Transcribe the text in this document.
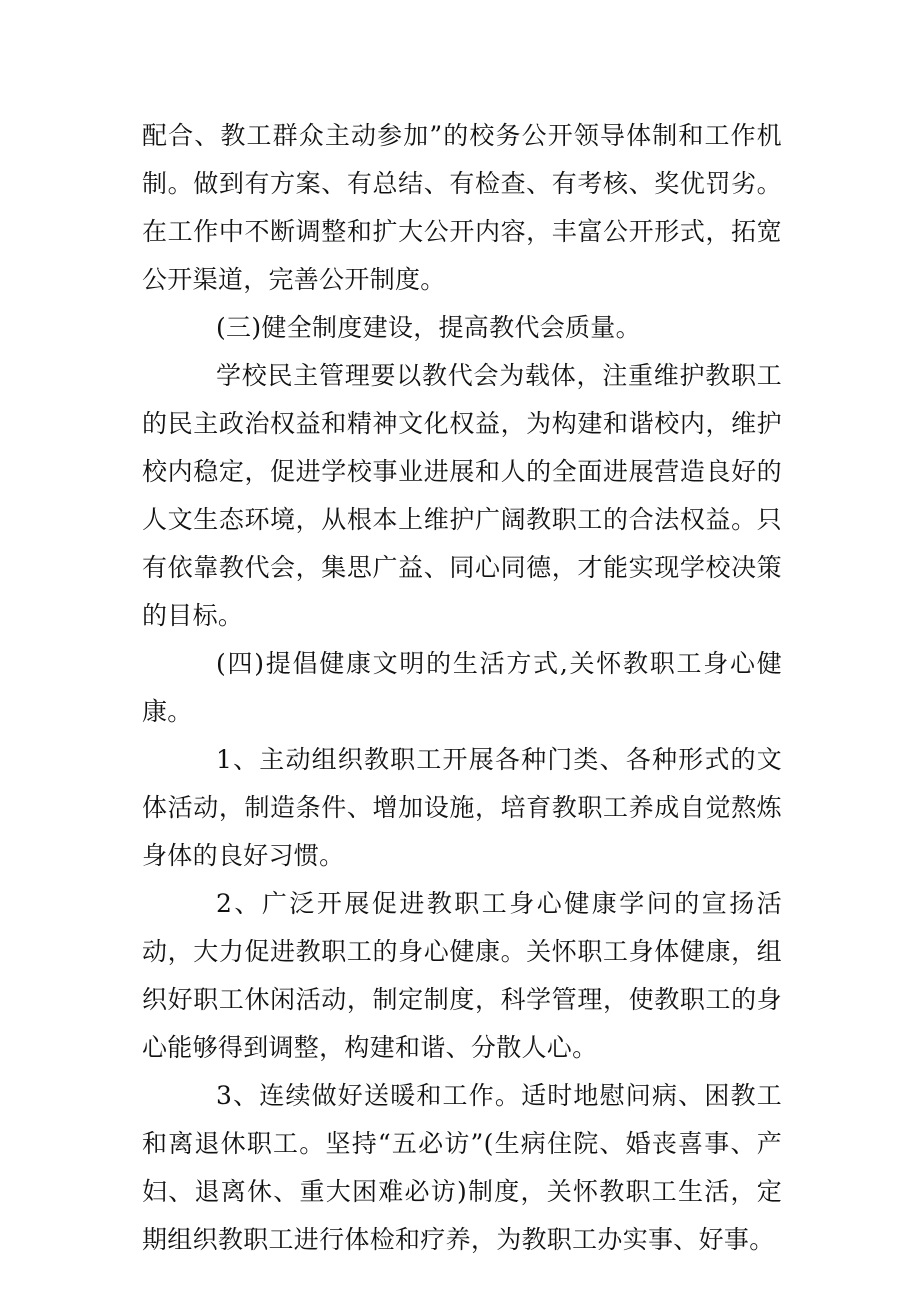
配合、教工群众主动参加”的校务公开领导体制和工作机制。做到有方案、有总结、有检查、有考核、奖优罚劣。在工作中不断调整和扩大公开内容，丰富公开形式，拓宽公开渠道，完善公开制度。

(三)健全制度建设，提高教代会质量。

学校民主管理要以教代会为载体，注重维护教职工的民主政治权益和精神文化权益，为构建和谐校内，维护校内稳定，促进学校事业进展和人的全面进展营造良好的人文生态环境，从根本上维护广阔教职工的合法权益。只有依靠教代会，集思广益、同心同德，才能实现学校决策的目标。

(四)提倡健康文明的生活方式,关怀教职工身心健康。

1、主动组织教职工开展各种门类、各种形式的文体活动，制造条件、增加设施，培育教职工养成自觉熬炼身体的良好习惯。

2、广泛开展促进教职工身心健康学问的宣扬活动，大力促进教职工的身心健康。关怀职工身体健康，组织好职工休闲活动，制定制度，科学管理，使教职工的身心能够得到调整，构建和谐、分散人心。

3、连续做好送暖和工作。适时地慰问病、困教工和离退休职工。坚持“五必访”(生病住院、婚丧喜事、产妇、退离休、重大困难必访)制度，关怀教职工生活，定期组织教职工进行体检和疗养，为教职工办实事、好事。
